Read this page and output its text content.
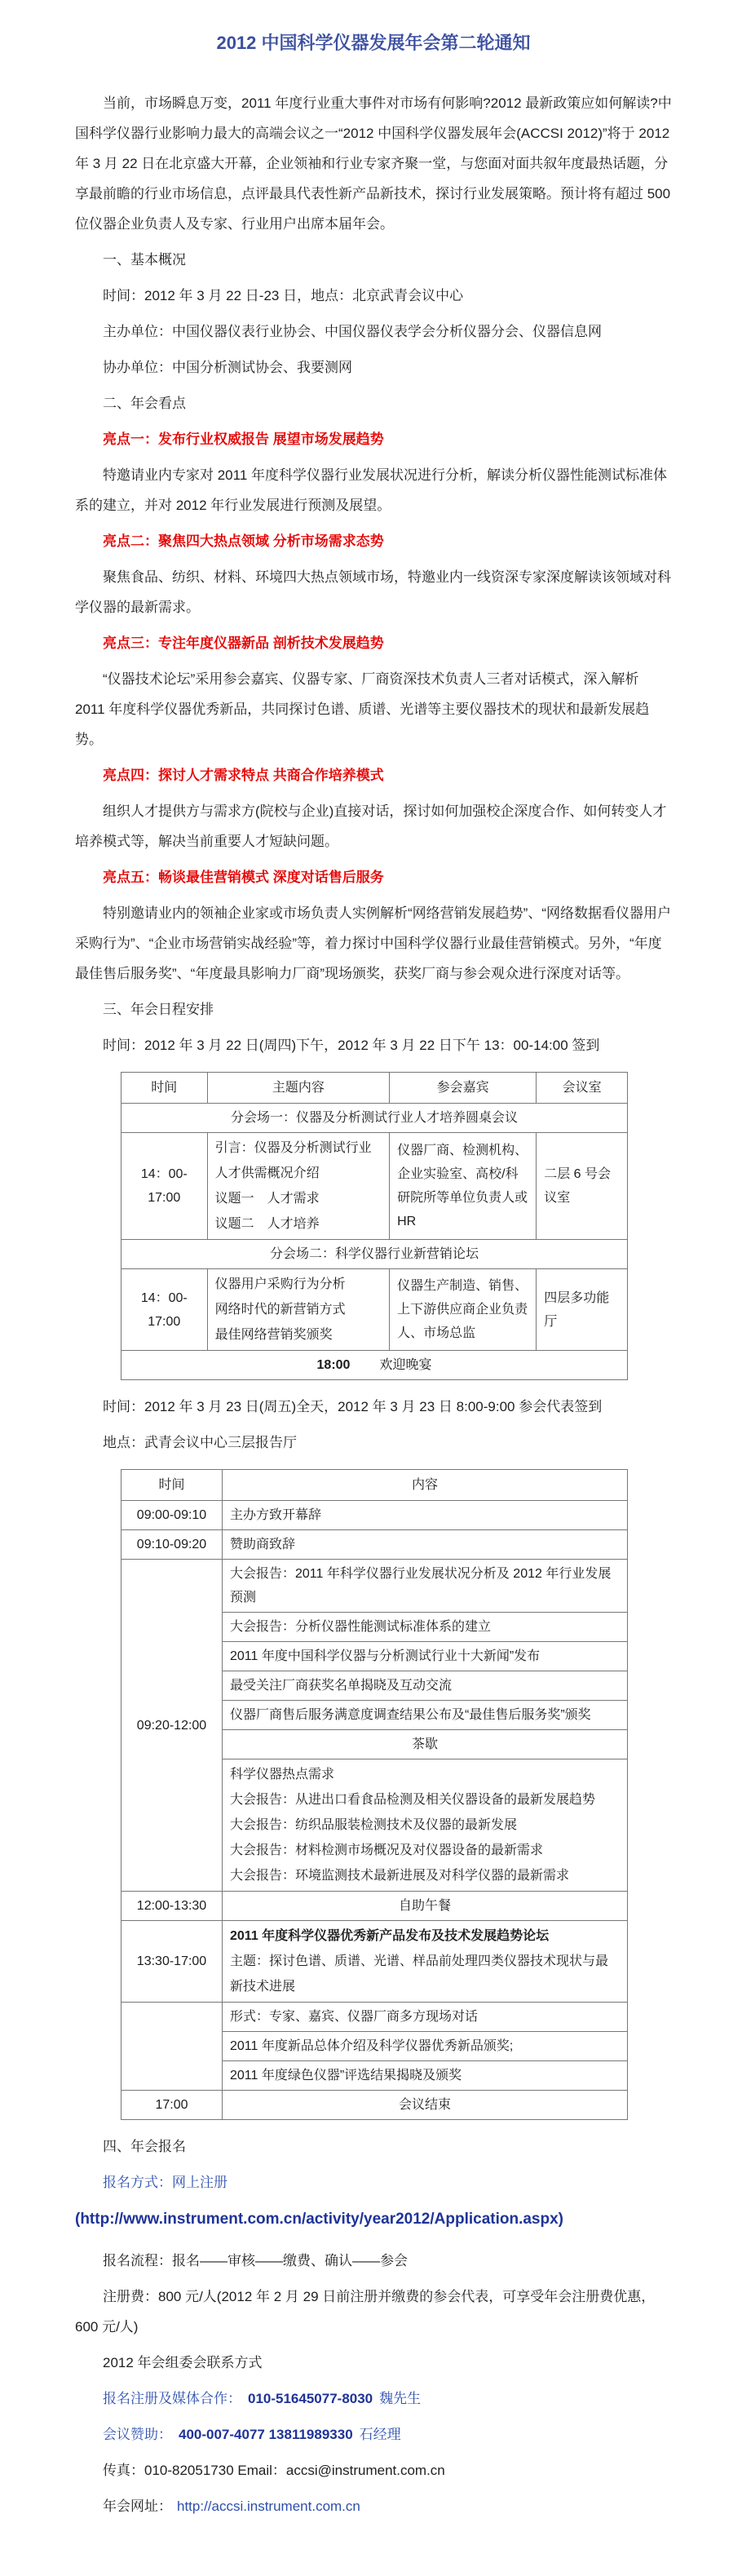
2012 中国科学仪器发展年会第二轮通知

当前，市场瞬息万变，2011 年度行业重大事件对市场有何影响?2012 最新政策应如何解读?中国科学仪器行业影响力最大的高端会议之一“2012 中国科学仪器发展年会(ACCSI 2012)”将于 2012 年 3 月 22 日在北京盛大开幕，企业领袖和行业专家齐聚一堂，与您面对面共叙年度最热话题，分享最前瞻的行业市场信息，点评最具代表性新产品新技术，探讨行业发展策略。预计将有超过 500 位仪器企业负责人及专家、行业用户出席本届年会。

一、基本概况

时间：2012 年 3 月 22 日-23 日，地点：北京武青会议中心

主办单位：中国仪器仪表行业协会、中国仪器仪表学会分析仪器分会、仪器信息网

协办单位：中国分析测试协会、我要测网

二、年会看点

亮点一：发布行业权威报告 展望市场发展趋势

特邀请业内专家对 2011 年度科学仪器行业发展状况进行分析，解读分析仪器性能测试标准体系的建立，并对 2012 年行业发展进行预测及展望。

亮点二：聚焦四大热点领域 分析市场需求态势

聚焦食品、纺织、材料、环境四大热点领域市场，特邀业内一线资深专家深度解读该领域对科学仪器的最新需求。

亮点三：专注年度仪器新品 剖析技术发展趋势

“仪器技术论坛”采用参会嘉宾、仪器专家、厂商资深技术负责人三者对话模式，深入解析 2011 年度科学仪器优秀新品，共同探讨色谱、质谱、光谱等主要仪器技术的现状和最新发展趋势。

亮点四：探讨人才需求特点 共商合作培养模式

组织人才提供方与需求方(院校与企业)直接对话，探讨如何加强校企深度合作、如何转变人才培养模式等，解决当前重要人才短缺问题。

亮点五：畅谈最佳营销模式 深度对话售后服务

特别邀请业内的领袖企业家或市场负责人实例解析“网络营销发展趋势”、“网络数据看仪器用户采购行为”、“企业市场营销实战经验”等，着力探讨中国科学仪器行业最佳营销模式。另外，“年度最佳售后服务奖”、“年度最具影响力厂商”现场颁奖，获奖厂商与参会观众进行深度对话等。

三、年会日程安排

时间：2012 年 3 月 22 日(周四)下午，2012 年 3 月 22 日下午 13：00-14:00 签到

时间	主题内容	参会嘉宾	会议室
分会场一：仪器及分析测试行业人才培养圆桌会议			
14：00-17:00	引言：仪器及分析测试行业人才供需概况介绍
议题一　人才需求
议题二　人才培养	仪器厂商、检测机构、企业实验室、高校/科研院所等单位负责人或 HR	二层 6 号会议室
分会场二：科学仪器行业新营销论坛			
14：00-17:00	仪器用户采购行为分析
网络时代的新营销方式
最佳网络营销奖颁奖	仪器生产制造、销售、上下游供应商企业负责人、市场总监	四层多功能厅
18:00 欢迎晚宴			

时间：2012 年 3 月 23 日(周五)全天，2012 年 3 月 23 日 8:00-9:00 参会代表签到

地点：武青会议中心三层报告厅

时间	内容
09:00-09:10	主办方致开幕辞
09:10-09:20	赞助商致辞
09:20-12:00	大会报告：2011 年科学仪器行业发展状况分析及 2012 年行业发展预测
	大会报告：分析仪器性能测试标准体系的建立
	2011 年度中国科学仪器与分析测试行业十大新闻”发布
	最受关注厂商获奖名单揭晓及互动交流
	仪器厂商售后服务满意度调查结果公布及“最佳售后服务奖”颁奖
	茶歇

	科学仪器热点需求
大会报告：从进出口看食品检测及相关仪器设备的最新发展趋势
大会报告：纺织品服装检测技术及仪器的最新发展
大会报告：材料检测市场概况及对仪器设备的最新需求
大会报告：环境监测技术最新进展及对科学仪器的最新需求

12:00-13:30	自助午餐
13:30-17:00	2011 年度科学仪器优秀新产品发布及技术发展趋势论坛
主题：探讨色谱、质谱、光谱、样品前处理四类仪器技术现状与最新技术进展

	形式：专家、嘉宾、仪器厂商多方现场对话
	2011 年度新品总体介绍及科学仪器优秀新品颁奖;
	2011 年度绿色仪器”评选结果揭晓及颁奖
17:00	会议结束

四、年会报名

报名方式：网上注册

(http://www.instrument.com.cn/activity/year2012/Application.aspx)

报名流程：报名——审核——缴费、确认——参会

注册费：800 元/人(2012 年 2 月 29 日前注册并缴费的参会代表，可享受年会注册费优惠，600 元/人)

2012 年会组委会联系方式

报名注册及媒体合作： 010-51645077-8030 魏先生

会议赞助： 400-007-4077 13811989330 石经理

传真：010-82051730 Email：accsi@instrument.com.cn

年会网址： http://accsi.instrument.com.cn
